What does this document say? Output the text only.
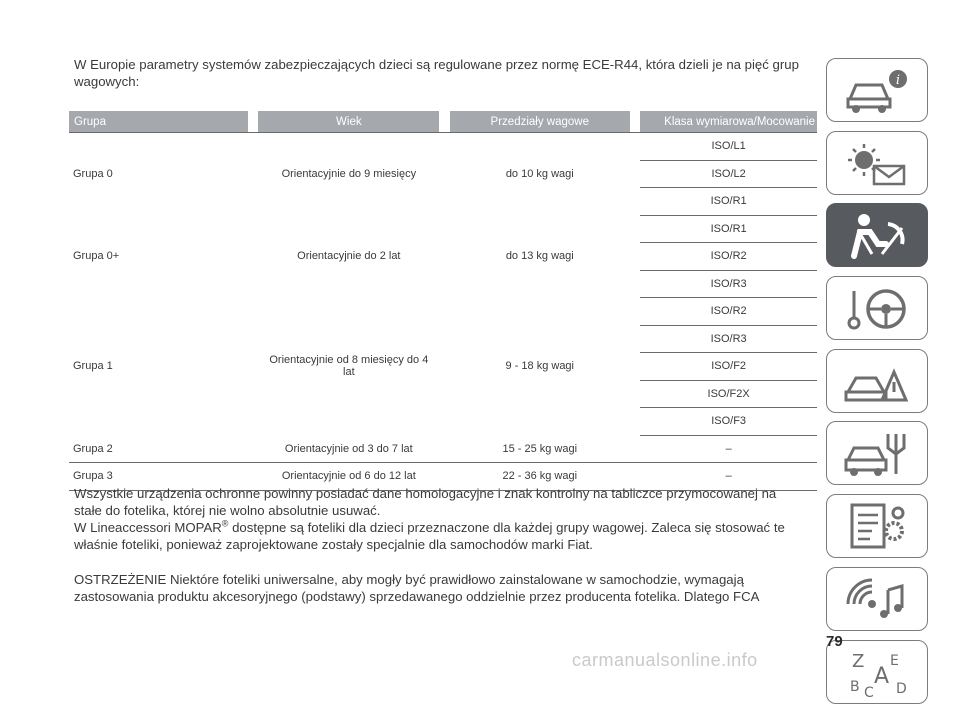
W Europie parametry systemów zabezpieczających dzieci są regulowane przez normę ECE-R44, która dzieli je na pięć grup wagowych:

Grupa		Wiek		Przedziały wagowe		Klasa wymiarowa/Mocowanie
Grupa 0		Orientacyjnie do 9 miesięcy		do 10 kg wagi		ISO/L1
						ISO/L2
						ISO/R1
Grupa 0+		Orientacyjnie do 2 lat		do 13 kg wagi		ISO/R1
						ISO/R2
						ISO/R3
Grupa 1		Orientacyjnie od 8 miesięcy do 4 lat		9 - 18 kg wagi		ISO/R2
						ISO/R3
						ISO/F2
						ISO/F2X
						ISO/F3
Grupa 2		Orientacyjnie od 3 do 7 lat		15 - 25 kg wagi		–
Grupa 3		Orientacyjnie od 6 do 12 lat		22 - 36 kg wagi		–

Wszystkie urządzenia ochronne powinny posiadać dane homologacyjne i znak kontrolny na tabliczce przymocowanej na stałe do fotelika, której nie wolno absolutnie usuwać.

W Lineaccessori MOPAR® dostępne są foteliki dla dzieci przeznaczone dla każdej grupy wagowej. Zaleca się stosować te właśnie foteliki, ponieważ zaprojektowane zostały specjalnie dla samochodów marki Fiat.

OSTRZEŻENIE Niektóre foteliki uniwersalne, aby mogły być prawidłowo zainstalowane w samochodzie, wymagają zastosowania produktu akcesoryjnego (podstawy) sprzedawanego oddzielnie przez producenta fotelika. Dlatego FCA

i
Z E
A
B C D
79
carmanualsonline.info
